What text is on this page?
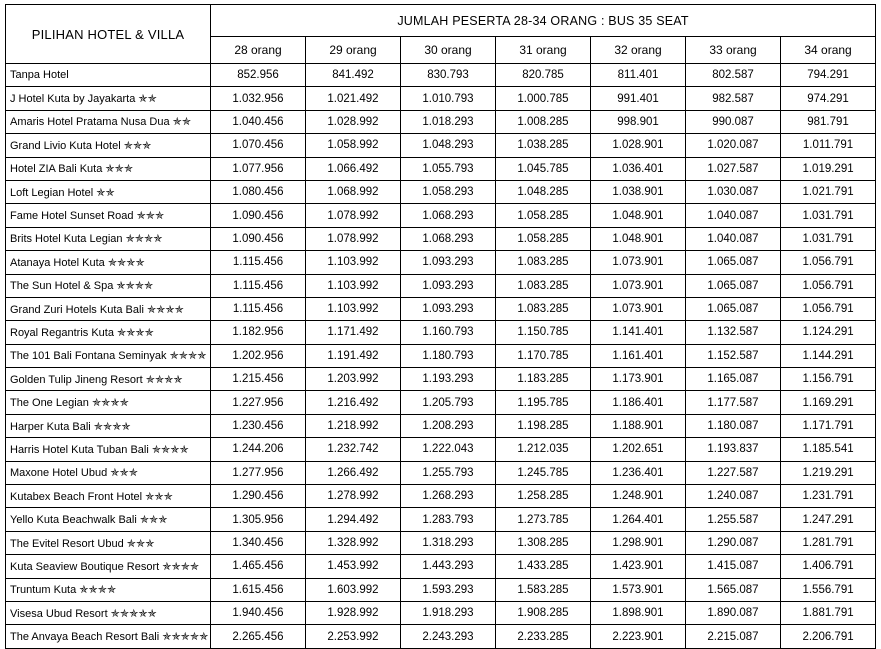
PILIHAN HOTEL & VILLA	JUMLAH PESERTA 28-34 ORANG : BUS 35 SEAT						
	28 orang	29 orang	30 orang	31 orang	32 orang	33 orang	34 orang
Tanpa Hotel	852.956	841.492	830.793	820.785	811.401	802.587	794.291
J Hotel Kuta by Jayakarta ✯✯	1.032.956	1.021.492	1.010.793	1.000.785	991.401	982.587	974.291
Amaris Hotel Pratama Nusa Dua ✯✯	1.040.456	1.028.992	1.018.293	1.008.285	998.901	990.087	981.791
Grand Livio Kuta Hotel ✯✯✯	1.070.456	1.058.992	1.048.293	1.038.285	1.028.901	1.020.087	1.011.791
Hotel ZIA Bali Kuta ✯✯✯	1.077.956	1.066.492	1.055.793	1.045.785	1.036.401	1.027.587	1.019.291
Loft Legian Hotel ✯✯	1.080.456	1.068.992	1.058.293	1.048.285	1.038.901	1.030.087	1.021.791
Fame Hotel Sunset Road ✯✯✯	1.090.456	1.078.992	1.068.293	1.058.285	1.048.901	1.040.087	1.031.791
Brits Hotel Kuta Legian ✯✯✯✯	1.090.456	1.078.992	1.068.293	1.058.285	1.048.901	1.040.087	1.031.791
Atanaya Hotel Kuta ✯✯✯✯	1.115.456	1.103.992	1.093.293	1.083.285	1.073.901	1.065.087	1.056.791
The Sun Hotel & Spa ✯✯✯✯	1.115.456	1.103.992	1.093.293	1.083.285	1.073.901	1.065.087	1.056.791
Grand Zuri Hotels Kuta Bali ✯✯✯✯	1.115.456	1.103.992	1.093.293	1.083.285	1.073.901	1.065.087	1.056.791
Royal Regantris Kuta ✯✯✯✯	1.182.956	1.171.492	1.160.793	1.150.785	1.141.401	1.132.587	1.124.291
The 101 Bali Fontana Seminyak ✯✯✯✯	1.202.956	1.191.492	1.180.793	1.170.785	1.161.401	1.152.587	1.144.291
Golden Tulip Jineng Resort ✯✯✯✯	1.215.456	1.203.992	1.193.293	1.183.285	1.173.901	1.165.087	1.156.791
The One Legian ✯✯✯✯	1.227.956	1.216.492	1.205.793	1.195.785	1.186.401	1.177.587	1.169.291
Harper Kuta Bali ✯✯✯✯	1.230.456	1.218.992	1.208.293	1.198.285	1.188.901	1.180.087	1.171.791
Harris Hotel Kuta Tuban Bali ✯✯✯✯	1.244.206	1.232.742	1.222.043	1.212.035	1.202.651	1.193.837	1.185.541
Maxone Hotel Ubud ✯✯✯	1.277.956	1.266.492	1.255.793	1.245.785	1.236.401	1.227.587	1.219.291
Kutabex Beach Front Hotel ✯✯✯	1.290.456	1.278.992	1.268.293	1.258.285	1.248.901	1.240.087	1.231.791
Yello Kuta Beachwalk Bali ✯✯✯	1.305.956	1.294.492	1.283.793	1.273.785	1.264.401	1.255.587	1.247.291
The Evitel Resort Ubud ✯✯✯	1.340.456	1.328.992	1.318.293	1.308.285	1.298.901	1.290.087	1.281.791
Kuta Seaview Boutique Resort ✯✯✯✯	1.465.456	1.453.992	1.443.293	1.433.285	1.423.901	1.415.087	1.406.791
Truntum Kuta ✯✯✯✯	1.615.456	1.603.992	1.593.293	1.583.285	1.573.901	1.565.087	1.556.791
Visesa Ubud Resort ✯✯✯✯✯	1.940.456	1.928.992	1.918.293	1.908.285	1.898.901	1.890.087	1.881.791
The Anvaya Beach Resort Bali ✯✯✯✯✯	2.265.456	2.253.992	2.243.293	2.233.285	2.223.901	2.215.087	2.206.791
